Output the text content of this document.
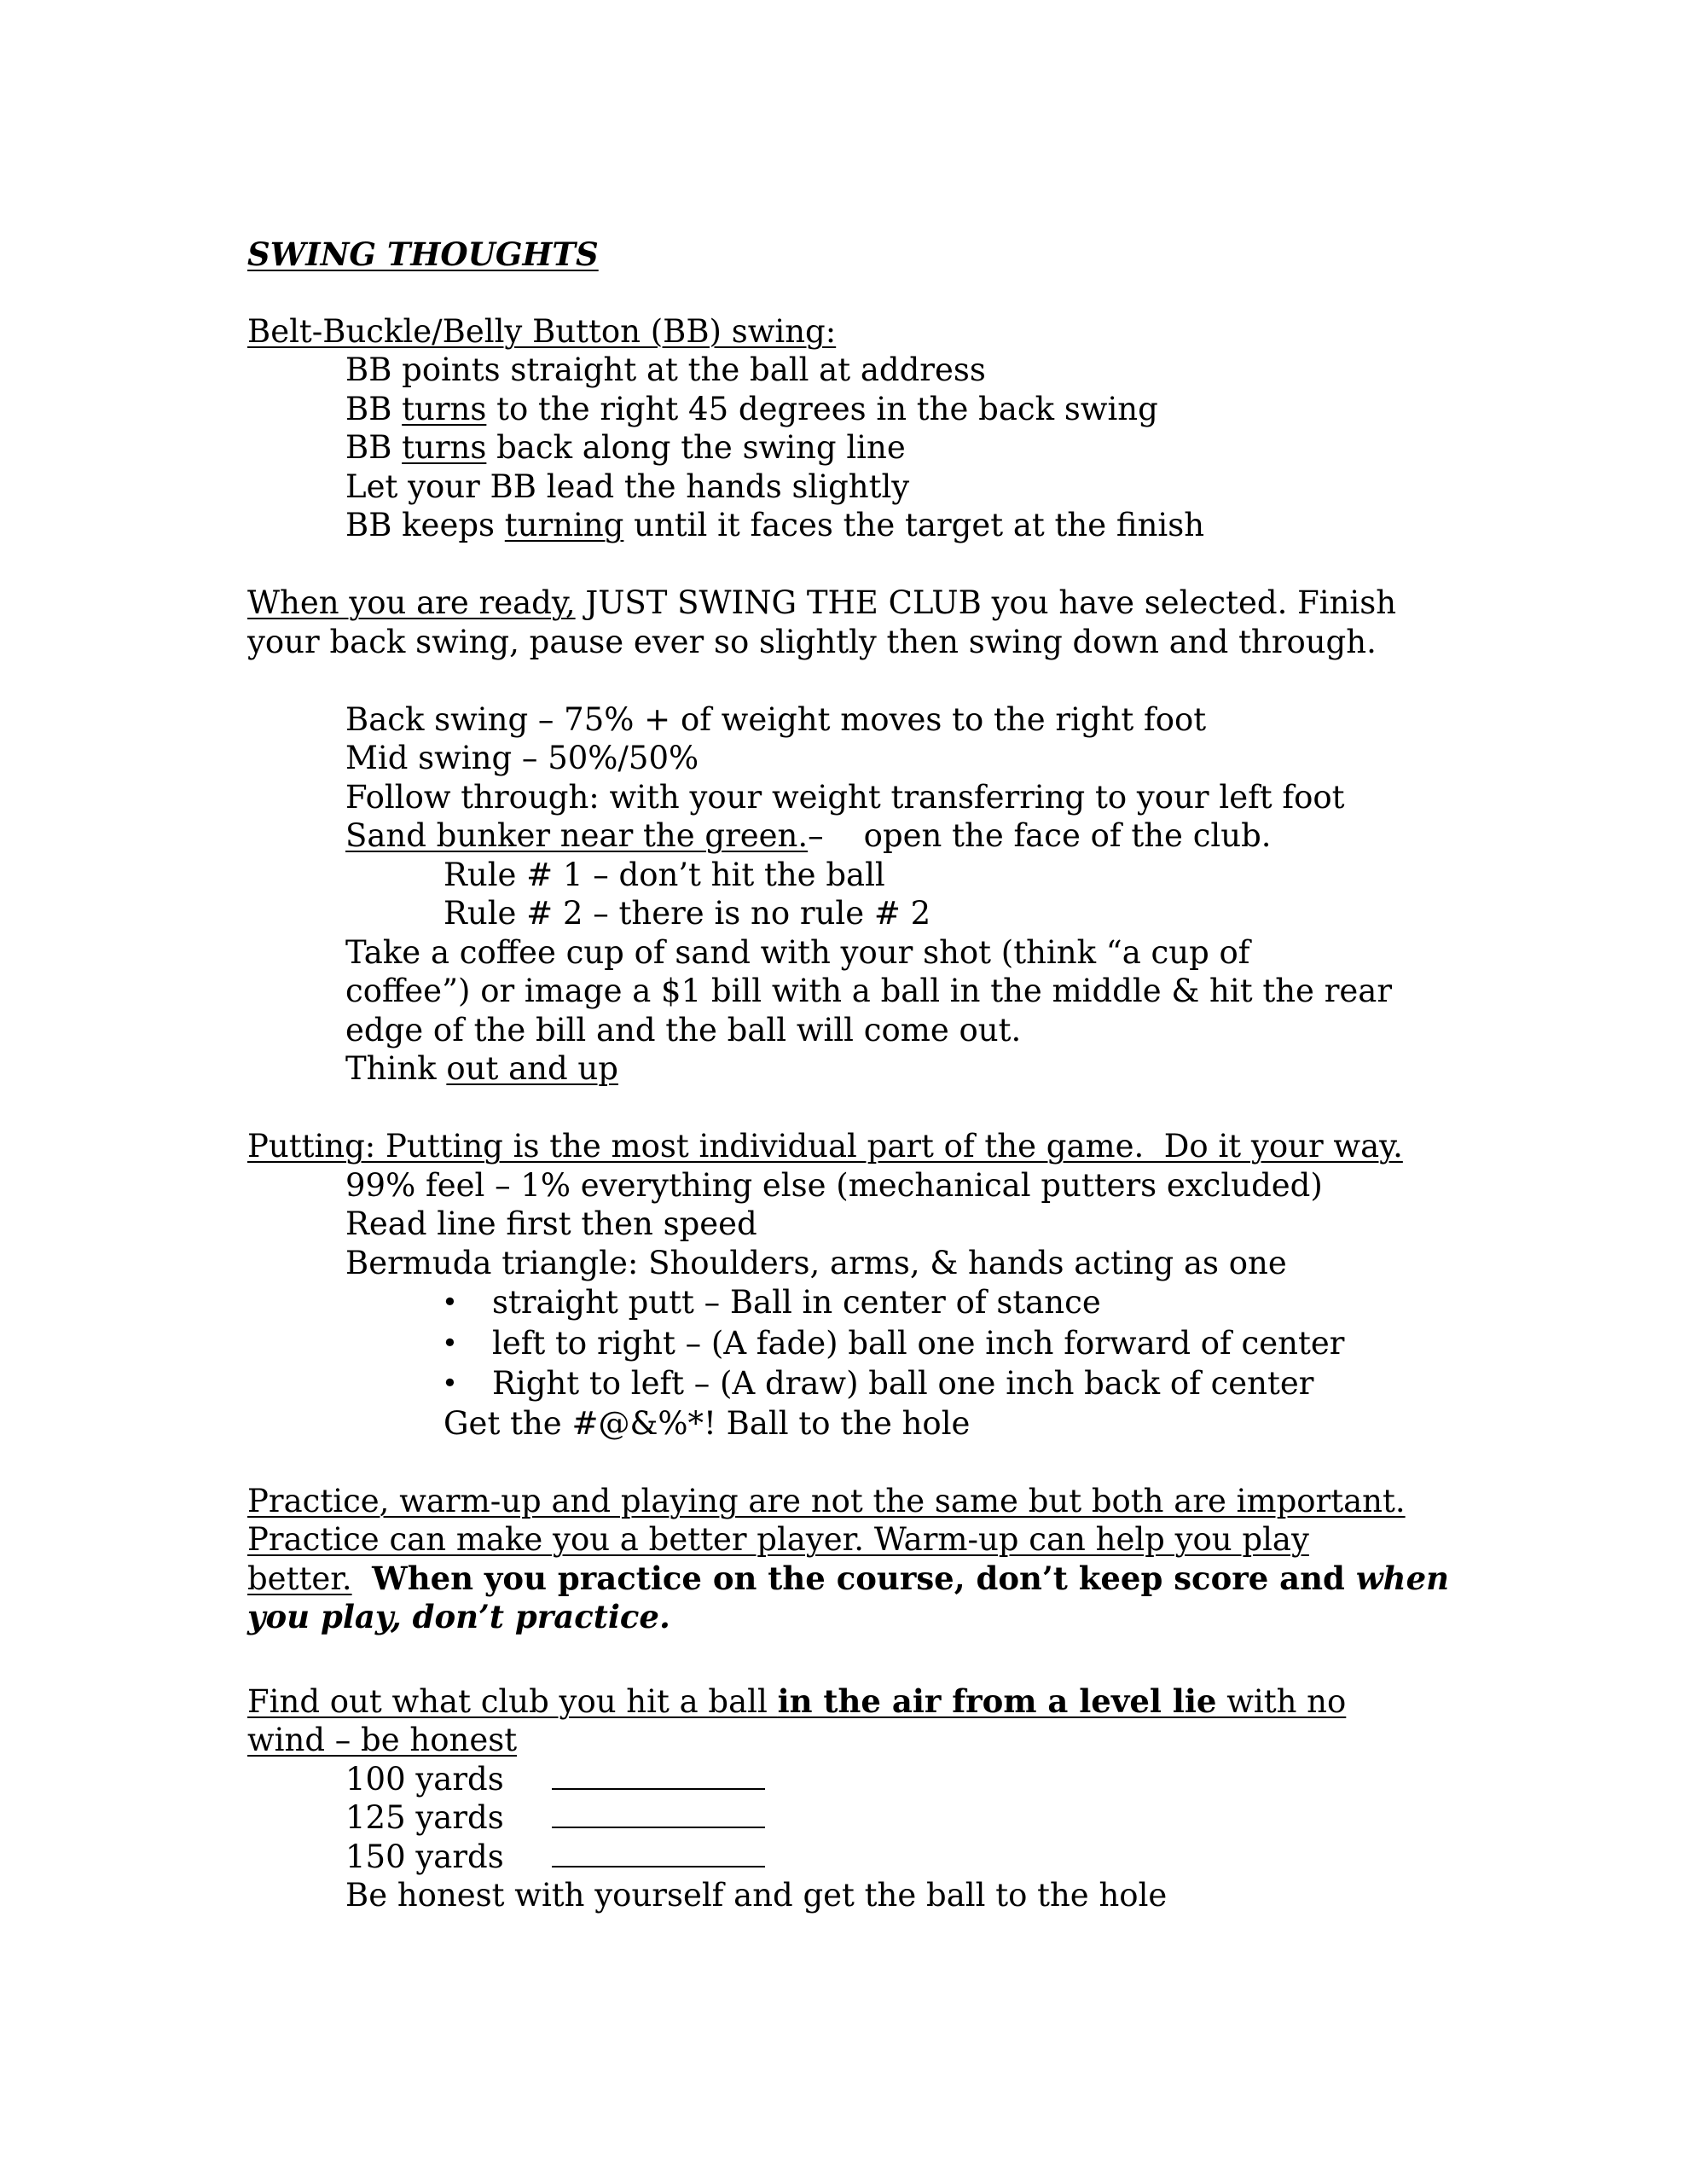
SWING THOUGHTS

Belt-Buckle/Belly Button (BB) swing:

BB points straight at the ball at address

BB turns to the right 45 degrees in the back swing

BB turns back along the swing line

Let your BB lead the hands slightly

BB keeps turning until it faces the target at the finish

When you are ready, JUST SWING THE CLUB you have selected. Finish

your back swing, pause ever so slightly then swing down and through.

Back swing – 75% + of weight moves to the right foot

Mid swing – 50%/50%

Follow through: with your weight transferring to your left foot

Sand bunker near the green.–    open the face of the club.

Rule # 1 – don’t hit the ball

Rule # 2 – there is no rule # 2

Take a coffee cup of sand with your shot (think “a cup of

coffee”) or image a $1 bill with a ball in the middle & hit the rear

edge of the bill and the ball will come out.

Think out and up

Putting: Putting is the most individual part of the game.  Do it your way.

99% feel – 1% everything else (mechanical putters excluded)

Read line first then speed

Bermuda triangle: Shoulders, arms, & hands acting as one

•	straight putt – Ball in center of stance
•	left to right – (A fade) ball one inch forward of center
•	Right to left – (A draw) ball one inch back of center

Get the #@&%*! Ball to the hole

Practice, warm-up and playing are not the same but both are important.

Practice can make you a better player. Warm-up can help you play

better. When you practice on the course, don’t keep score and when

you play, don’t practice.

Find out what club you hit a ball in the air from a level lie with no

wind – be honest

100 yards

125 yards

150 yards

Be honest with yourself and get the ball to the hole
